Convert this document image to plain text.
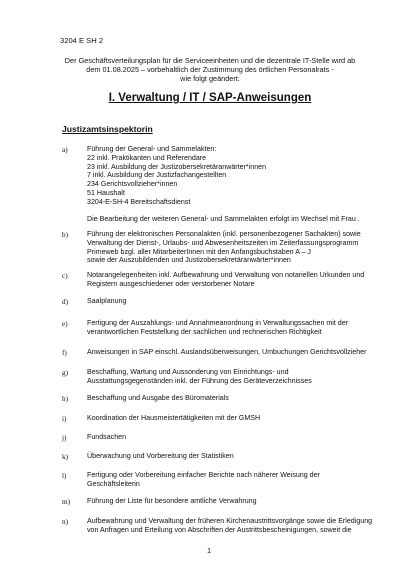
3204 E SH 2
Der Geschäftsverteilungsplan für die Serviceeinheiten und die dezentrale IT-Stelle wird ab
dem 01.08.2025 – vorbehaltlich der Zustimmung des örtlichen Personalrats -
wie folgt geändert:
I. Verwaltung / IT / SAP-Anweisungen
Justizamtsinspektorin
a)	Führung der General- und Sammelakten:
22 inkl. Praktikanten und Referendare
23 inkl. Ausbildung der Justizobersekretäranwärter*innen
7 inkl. Ausbildung der Justizfachangestellten
234 Gerichtsvollzieher*innen
51 Haushalt
3204-E-SH-4 Bereitschaftsdienst
Die Bearbeitung der weiteren General- und Sammelakten erfolgt im Wechsel mit Frau .
b)	Führung der elektronischen Personalakten (inkl. personenbezogener Sachakten) sowie
Verwaltung der Dienst-, Urlaubs- und Abwesenheitszeiten im Zeiterfassungsprogramm
Primeweb bzgl. aller MitarbeiterInnen mit den Anfangsbuchstaben A – J
sowie der Auszubildenden und Justizobersekretäranwärter*innen
c)	Notarangelegenheiten inkl. Aufbewahrung und Verwaltung von notariellen Urkunden und
Registern ausgeschiedener oder verstorbener Notare
d)	Saalplanung
e)	Fertigung der Auszahlungs- und Annahmeanordnung in Verwaltungssachen mit der
verantwortlichen Feststellung der sachlichen und rechnerischen Richtigkeit
f)	Anweisungen in SAP einschl. Auslandsüberweisungen, Umbuchungen Gerichtsvollzieher
g)	Beschaffung, Wartung und Aussonderung von Einrichtungs- und
Ausstattungsgegenständen inkl. der Führung des Geräteverzeichnisses
h)	Beschaffung und Ausgabe des Büromaterials
i)	Koordination der Hausmeistertätigkeiten mit der GMSH
j)	Fundsachen
k)	Überwachung und Vorbereitung der Statistiken
l)	Fertigung oder Vorbereitung einfacher Berichte nach näherer Weisung der
Geschäftsleiterin
m) Führung der Liste für besondere amtliche Verwahrung
n)	Aufbewahrung und Verwaltung der früheren Kirchenaustrittsvorgänge sowie die Erledigung
von Anfragen und Erteilung von Abschriften der Austrittsbescheinigungen, soweit die
1
